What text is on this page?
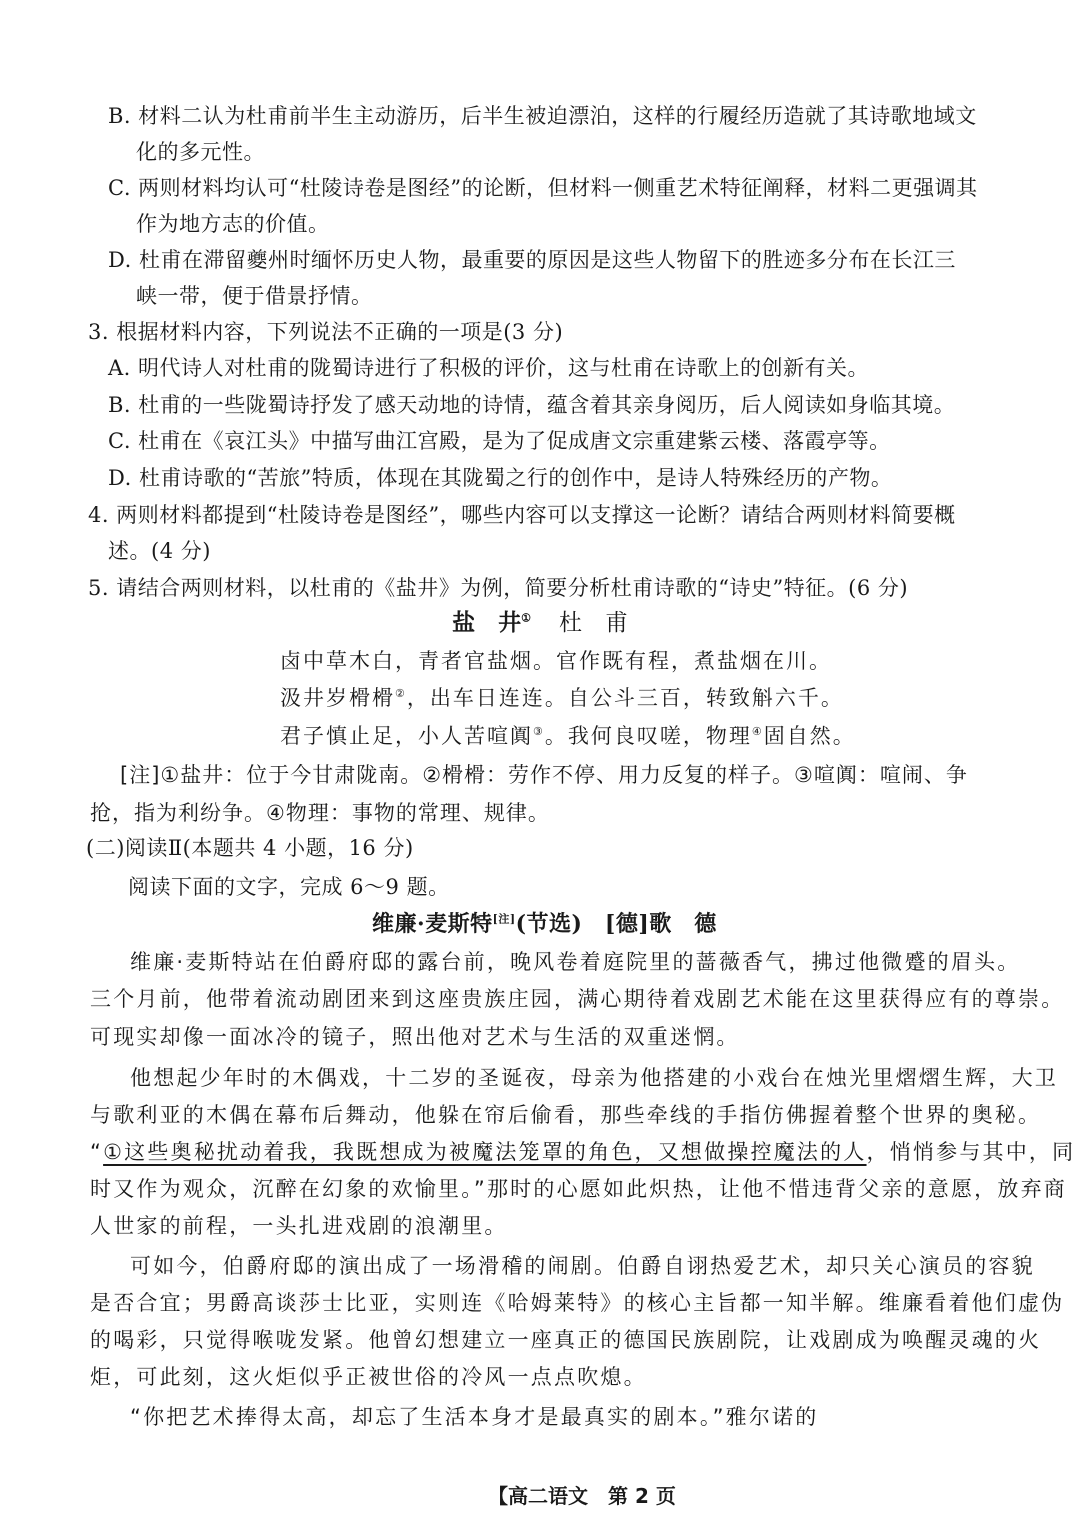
B. 材料二认为杜甫前半生主动游历，后半生被迫漂泊，这样的行履经历造就了其诗歌地域文
化的多元性。
C. 两则材料均认可“杜陵诗卷是图经”的论断，但材料一侧重艺术特征阐释，材料二更强调其
作为地方志的价值。
D. 杜甫在滞留夔州时缅怀历史人物，最重要的原因是这些人物留下的胜迹多分布在长江三
峡一带，便于借景抒情。
3. 根据材料内容，下列说法不正确的一项是(3 分)
A. 明代诗人对杜甫的陇蜀诗进行了积极的评价，这与杜甫在诗歌上的创新有关。
B. 杜甫的一些陇蜀诗抒发了感天动地的诗情，蕴含着其亲身阅历，后人阅读如身临其境。
C. 杜甫在《哀江头》中描写曲江宫殿，是为了促成唐文宗重建紫云楼、落霞亭等。
D. 杜甫诗歌的“苦旅”特质，体现在其陇蜀之行的创作中，是诗人特殊经历的产物。
4. 两则材料都提到“杜陵诗卷是图经”，哪些内容可以支撑这一论断？请结合两则材料简要概
述。(4 分)
5. 请结合两则材料，以杜甫的《盐井》为例，简要分析杜甫诗歌的“诗史”特征。(6 分)
盐　井① 杜　甫
卤中草木白，青者官盐烟。官作既有程，煮盐烟在川。
汲井岁榾榾②，出车日连连。自公斗三百，转致斛六千。
君子慎止足，小人苦喧阗③。我何良叹嗟，物理④固自然。
[注]①盐井：位于今甘肃陇南。②榾榾：劳作不停、用力反复的样子。③喧阗：喧闹、争
抢，指为利纷争。④物理：事物的常理、规律。
(二)阅读Ⅱ(本题共 4 小题，16 分)
阅读下面的文字，完成 6～9 题。
维廉·麦斯特[注](节选)　[德]歌　德
维廉·麦斯特站在伯爵府邸的露台前，晚风卷着庭院里的蔷薇香气，拂过他微蹙的眉头。
三个月前，他带着流动剧团来到这座贵族庄园，满心期待着戏剧艺术能在这里获得应有的尊崇。
可现实却像一面冰冷的镜子，照出他对艺术与生活的双重迷惘。
他想起少年时的木偶戏，十二岁的圣诞夜，母亲为他搭建的小戏台在烛光里熠熠生辉，大卫
与歌利亚的木偶在幕布后舞动，他躲在帘后偷看，那些牵线的手指仿佛握着整个世界的奥秘。
“①这些奥秘扰动着我，我既想成为被魔法笼罩的角色，又想做操控魔法的人，悄悄参与其中，同
时又作为观众，沉醉在幻象的欢愉里。”那时的心愿如此炽热，让他不惜违背父亲的意愿，放弃商
人世家的前程，一头扎进戏剧的浪潮里。
可如今，伯爵府邸的演出成了一场滑稽的闹剧。伯爵自诩热爱艺术，却只关心演员的容貌
是否合宜；男爵高谈莎士比亚，实则连《哈姆莱特》的核心主旨都一知半解。维廉看着他们虚伪
的喝彩，只觉得喉咙发紧。他曾幻想建立一座真正的德国民族剧院，让戏剧成为唤醒灵魂的火
炬，可此刻，这火炬似乎正被世俗的冷风一点点吹熄。
“你把艺术捧得太高，却忘了生活本身才是最真实的剧本。”雅尔诺的
【高二语文　第 2 页
